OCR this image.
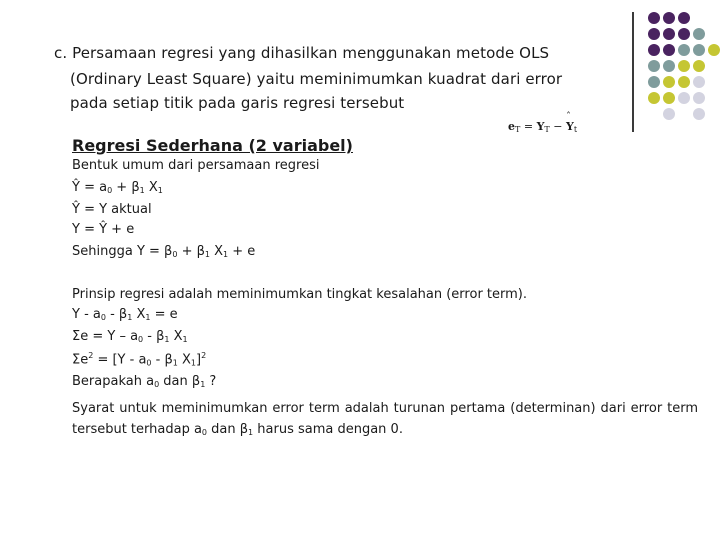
c. Persamaan regresi yang dihasilkan menggunakan metode OLS
(Ordinary Least Square) yaitu meminimumkan kuadrat dari error
pada setiap titik pada garis regresi tersebut
ˆ
$e_T = Y_T - Y_t$
Regresi Sederhana (2 variabel)
Bentuk umum dari persamaan regresi
Ŷ = $a_0 + \beta_1$ $X_1$
Ŷ = Y aktual
Y = Ŷ + e
Sehingga $Y = \beta_0 + \beta_1$ $X_1 + e$
Prinsip regresi adalah meminimumkan tingkat kesalahan (error term).
Y - $a_0 - \beta_1$ $X_1 = e$
$\Sigma e = Y - a_0 - \beta_1$ $X_1$
$\Sigma e^2 = [Y - a_0 - \beta_1$ $X_1]^2$
Berapakah $a_0$ dan $\beta_1$ ?
Syarat untuk meminimumkan error term adalah turunan pertama (determinan) dari error term tersebut terhadap $a_0$ dan $\beta_1$ harus sama dengan 0.
